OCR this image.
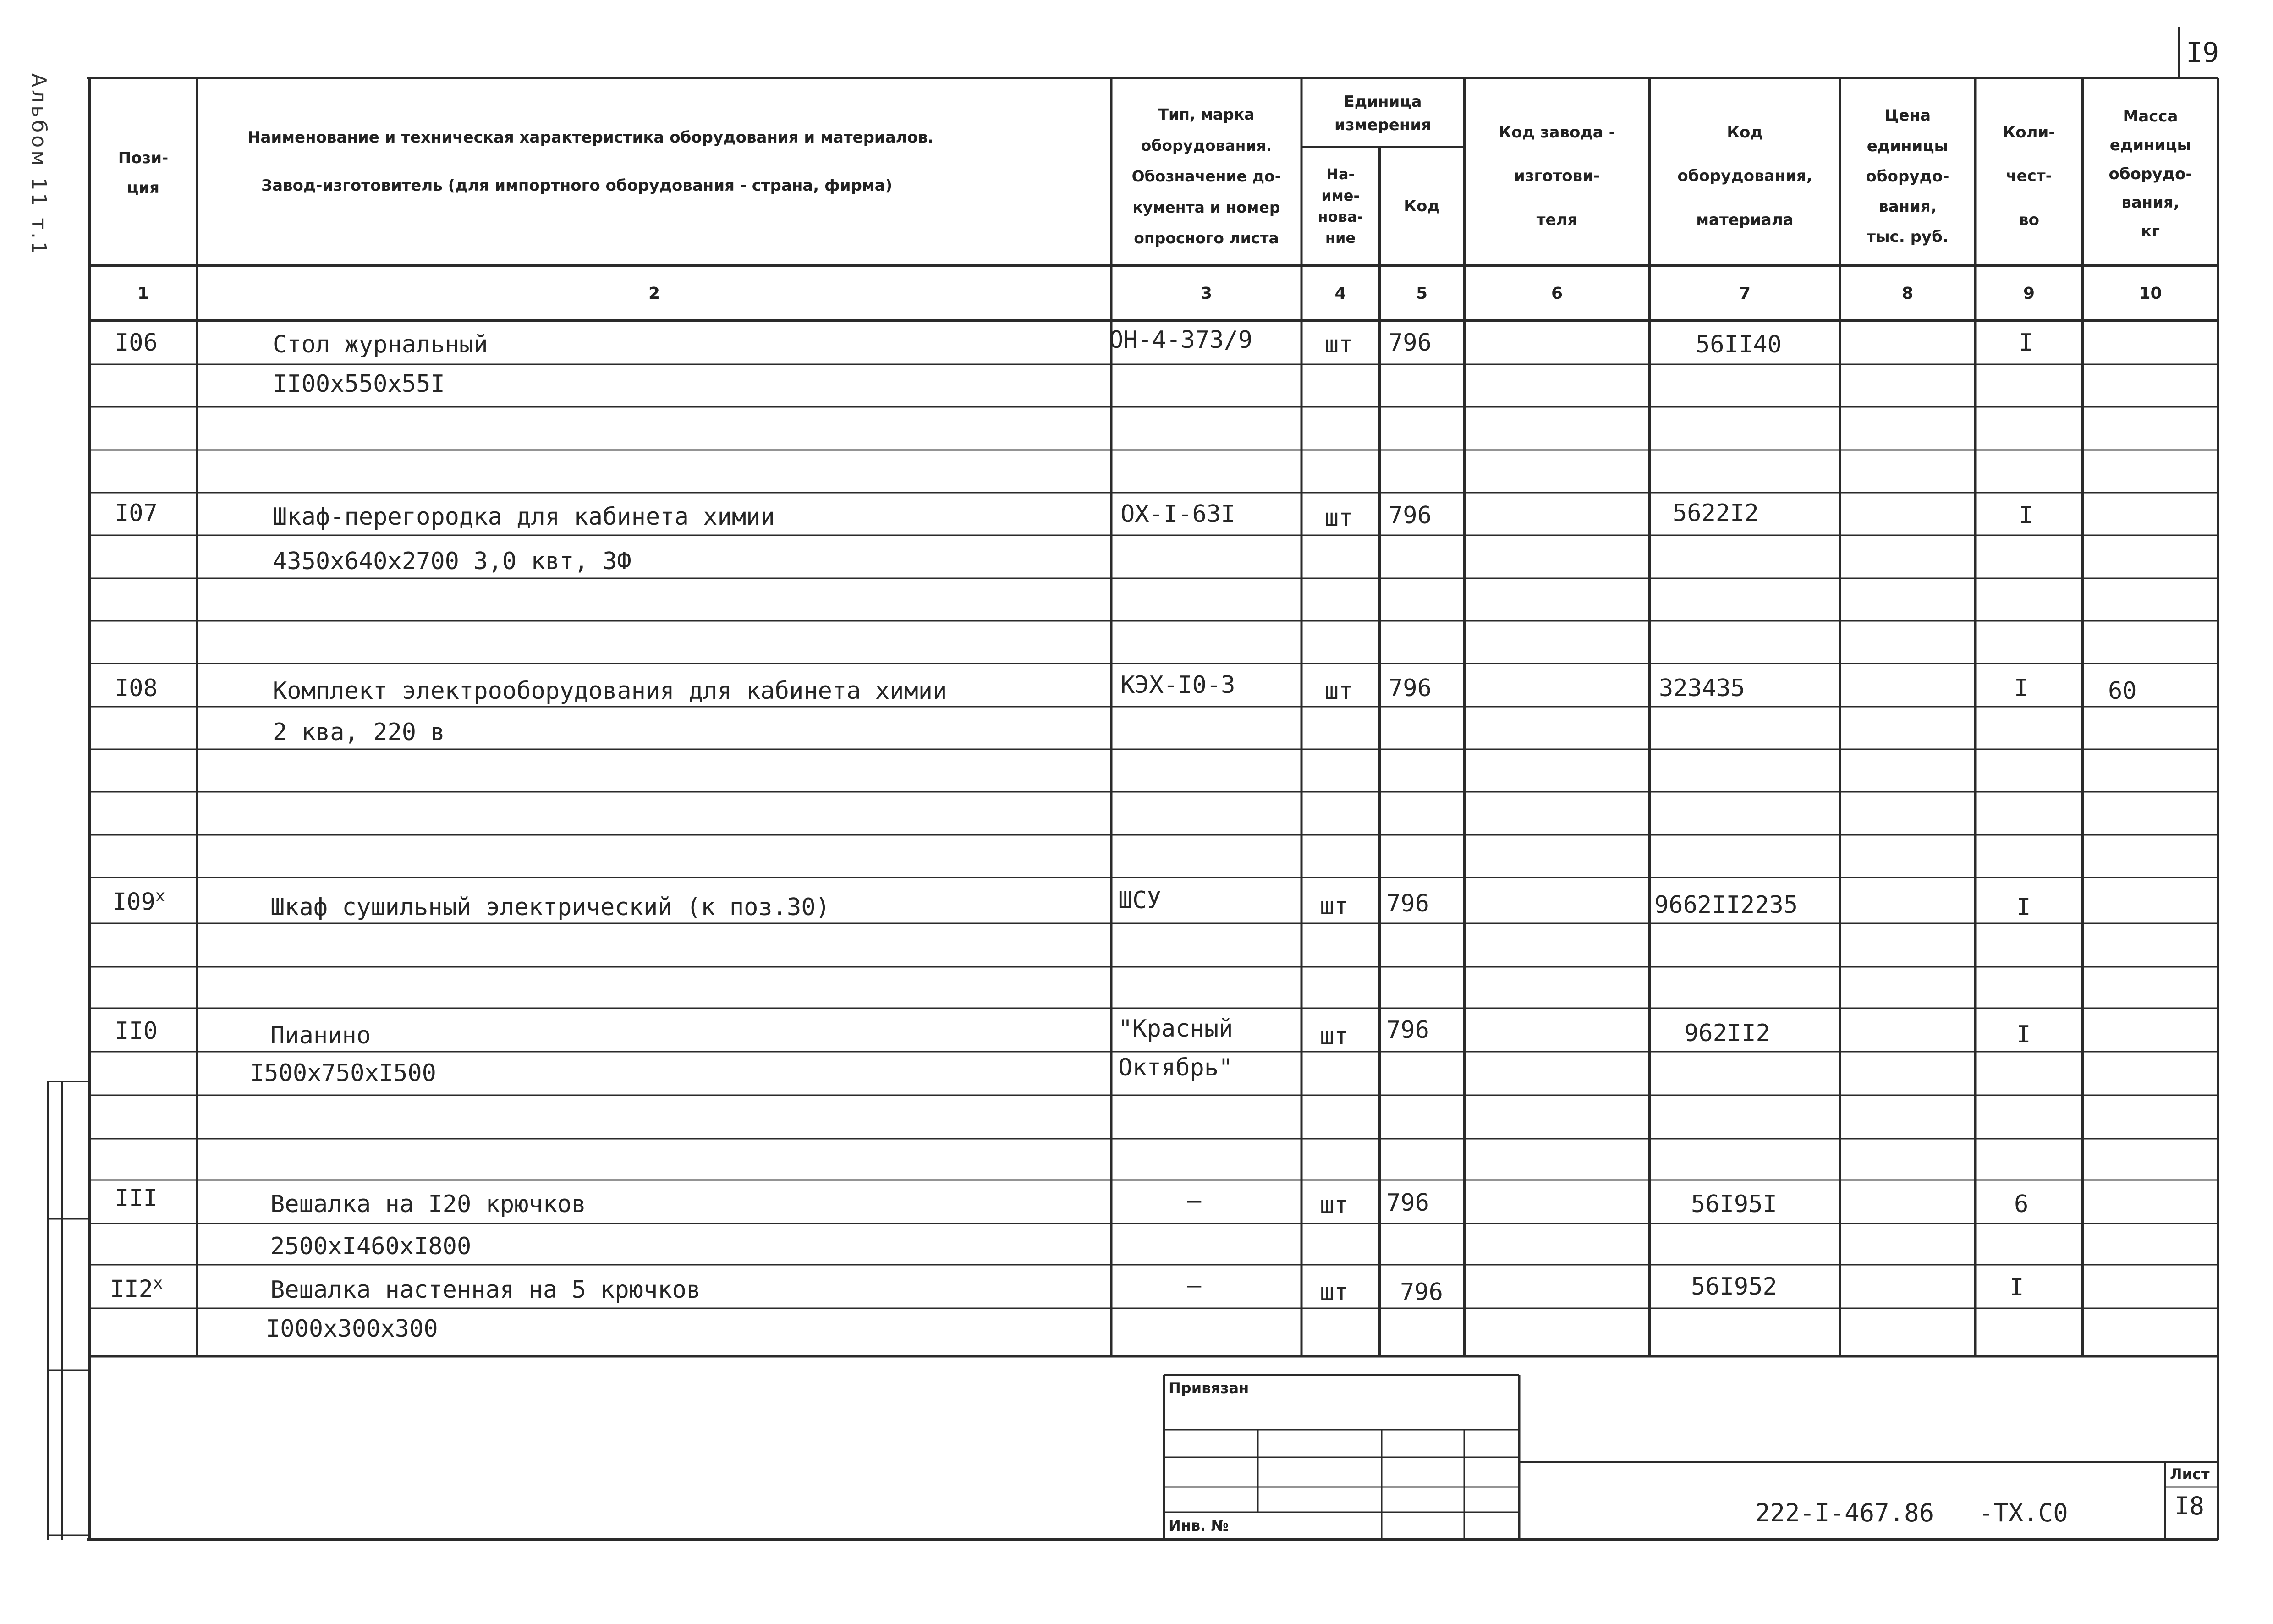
Альбом 11 т.1
I9
Пози-
ция
Наименование и техническая характеристика оборудования и материалов.
Завод-изготовитель (для импортного оборудования - страна, фирма)
Тип, марка
оборудования.
Обозначение до-
кумента и номер
опросного листа
Единица
измерения
На-
име-
нова-
ние
Код
Код завода -
изготови-
теля
Код
оборудования,
материала
Цена
единицы
оборудо-
вания,
тыс. руб.
Коли-
чест-
во
Масса
единицы
оборудо-
вания,
кг
1	2	3	4	5	6	7	8	9	10
I06	Стол журнальный	ОН-4-373/9	шт 796	56II40	I
II00x550x55I
I07	Шкаф-перегородка для кабинета химии	ОХ-I-63I	шт 796	5622I2	I
4350x640x2700 3,0 квт, 3Ф
I08	Комплект электрооборудования для кабинета химии	КЭХ-I0-3	шт 796	323435	I	60
2 ква, 220 в
I09$^x$	Шкаф сушильный электрический (к поз.30)	ШСУ	шт 796	9662II2235	I
II0	Пианино	"Красный	шт 796	962II2	I
I500x750xI500	Октябрь"
III	Вешалка на I20 крючков	—	шт 796	56I95I	6
2500xI460xI800
II2$^x$	Вешалка настенная на 5 крючков	—	шт 796	56I952	I
I000x300x300
Привязан
Инв. №	222-I-467.86   -ТХ.С0
Лист
I8
